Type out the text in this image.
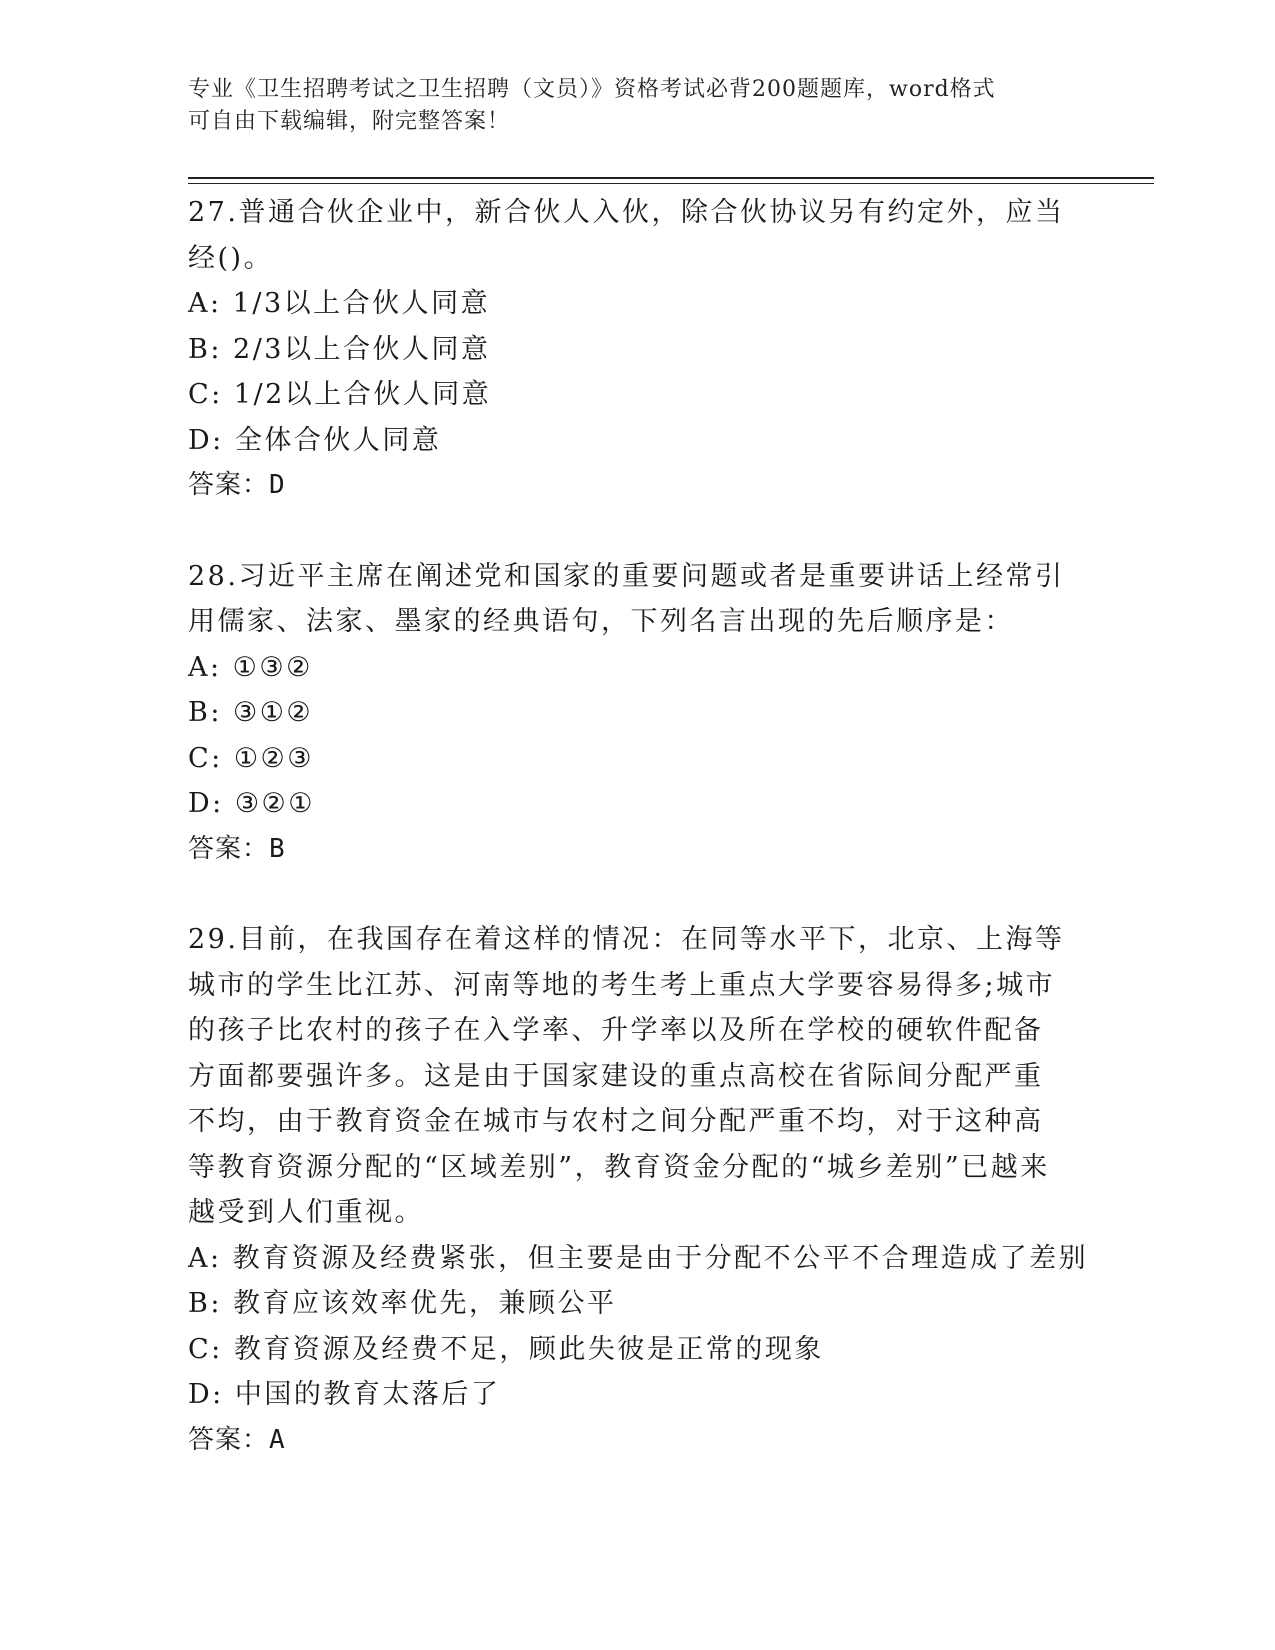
专业《卫生招聘考试之卫生招聘（文员）》资格考试必背200题题库，word格式
可自由下载编辑，附完整答案！
27.普通合伙企业中，新合伙人入伙，除合伙协议另有约定外，应当经()。
A: 1/3以上合伙人同意
B: 2/3以上合伙人同意
C: 1/2以上合伙人同意
D: 全体合伙人同意
答案：D
28.习近平主席在阐述党和国家的重要问题或者是重要讲话上经常引用儒家、法家、墨家的经典语句，下列名言出现的先后顺序是：
A: ①③②
B: ③①②
C: ①②③
D: ③②①
答案：B
29.目前，在我国存在着这样的情况：在同等水平下，北京、上海等城市的学生比江苏、河南等地的考生考上重点大学要容易得多;城市的孩子比农村的孩子在入学率、升学率以及所在学校的硬软件配备方面都要强许多。这是由于国家建设的重点高校在省际间分配严重不均，由于教育资金在城市与农村之间分配严重不均，对于这种高等教育资源分配的“区域差别”，教育资金分配的“城乡差别”已越来越受到人们重视。
A: 教育资源及经费紧张，但主要是由于分配不公平不合理造成了差别
B: 教育应该效率优先，兼顾公平
C: 教育资源及经费不足，顾此失彼是正常的现象
D: 中国的教育太落后了
答案：A
